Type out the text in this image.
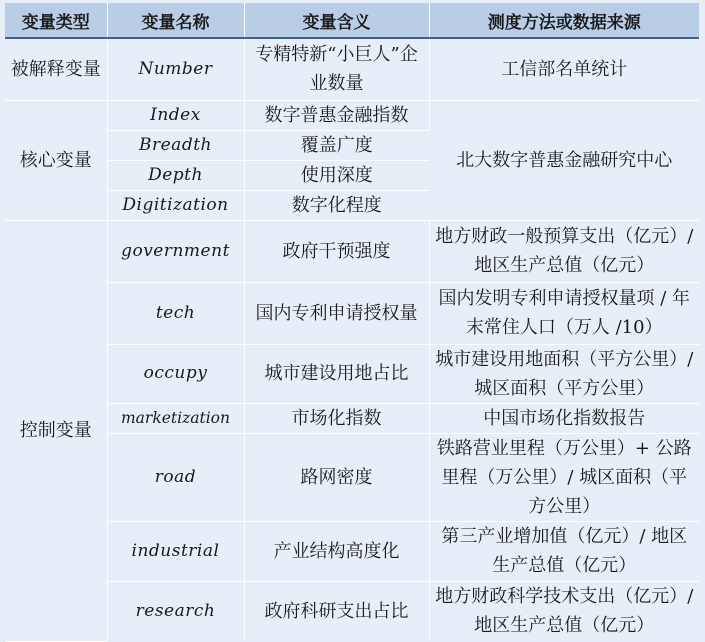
变量类型	变量名称	变量含义	测度方法或数据来源
被解释变量	Number	专精特新“小巨人”企业数量	工信部名单统计
核心变量	Index	数字普惠金融指数	北大数字普惠金融研究中心
	Breadth	覆盖广度	
	Depth	使用深度	
	Digitization	数字化程度	
控制变量	government	政府干预强度	地方财政一般预算支出（亿元）/ 地区生产总值（亿元）
	tech	国内专利申请授权量	国内发明专利申请授权量项 / 年末常住人口（万人 /10）
	occupy	城市建设用地占比	城市建设用地面积（平方公里）/ 城区面积（平方公里）
	marketization	市场化指数	中国市场化指数报告
	road	路网密度	铁路营业里程（万公里）+ 公路里程（万公里）/ 城区面积（平方公里）
	industrial	产业结构高度化	第三产业增加值（亿元）/ 地区生产总值（亿元）
	research	政府科研支出占比	地方财政科学技术支出（亿元）/ 地区生产总值（亿元）
